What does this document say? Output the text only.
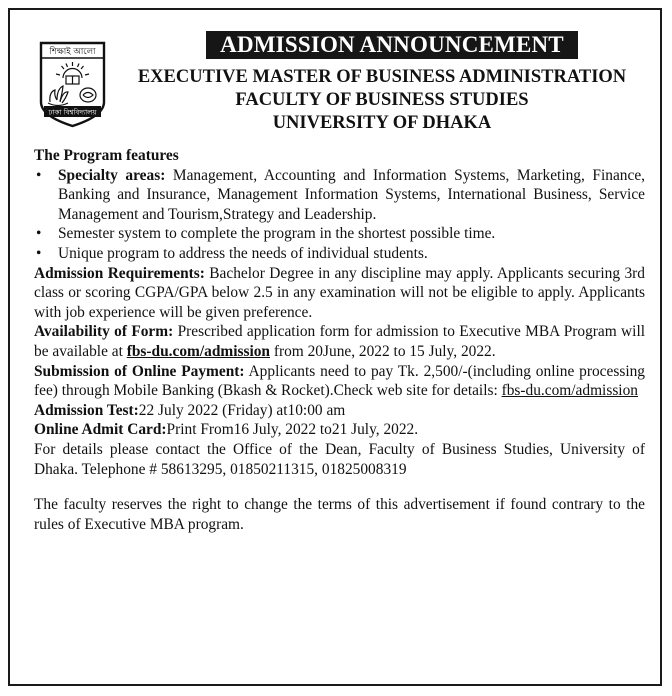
ADMISSION ANNOUNCEMENT
শিক্ষাই আলো
ঢাকা বিশ্ববিদ্যালয়
EXECUTIVE MASTER OF BUSINESS ADMINISTRATION
FACULTY OF BUSINESS STUDIES
UNIVERSITY OF DHAKA
The Program features
• Specialty areas: Management, Accounting and Information Systems, Marketing, Finance, Banking and Insurance, Management Information Systems, International Business, Service Management and Tourism,Strategy and Leadership.
• Semester system to complete the program in the shortest possible time.
• Unique program to address the needs of individual students.

Admission Requirements: Bachelor Degree in any discipline may apply. Applicants securing 3rd class or scoring CGPA/GPA below 2.5 in any examination will not be eligible to apply. Applicants with job experience will be given preference.

Availability of Form: Prescribed application form for admission to Executive MBA Program will be available at fbs-du.com/admission from 20June, 2022 to 15 July, 2022.

Submission of Online Payment: Applicants need to pay Tk. 2,500/-(including online processing fee) through Mobile Banking (Bkash & Rocket).Check web site for details: fbs-du.com/admission

Admission Test:22 July 2022 (Friday) at10:00 am

Online Admit Card:Print From16 July, 2022 to21 July, 2022.

For details please contact the Office of the Dean, Faculty of Business Studies, University of Dhaka. Telephone # 58613295, 01850211315, 01825008319

The faculty reserves the right to change the terms of this advertisement if found contrary to the rules of Executive MBA program.
